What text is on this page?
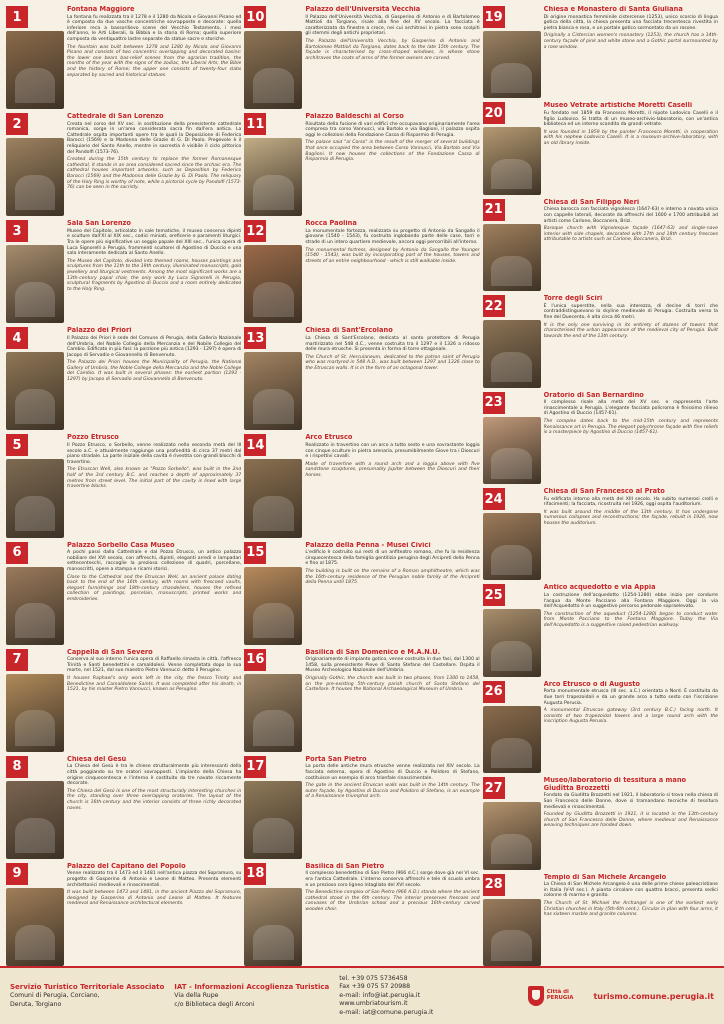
1
Fontana Maggiore

La fontana fu realizzata tra il 1278 e il 1280 da Nicola e Giovanni Pisano ed è composta da due vasche concentriche sovrapposte e decorate: quella inferiore reca a bassorilievo scene del Vecchio Testamento, i mesi dell'anno, le Arti Liberali, la Bibbia e la storia di Roma; quella superiore composta da ventiquattro lastre separate da statue sacre e storiche.

The fountain was built between 1278 and 1280 by Nicola and Giovanni Pisano and consists of two concentric overlapping and decorated basins: the lower one bears bas-relief scenes from the agrarian tradition, the months of the year with the signs of the zodiac, the Liberal Arts, the Bible and the history of Rome; the upper one consists of twenty-four slabs separated by sacred and historical statues.

2
Cattedrale di San Lorenzo

Creata nel corso del XV sec. in sostituzione della preesistente cattedrale romanica, sorge in un'area considerata sacra fin dall'era antica. La Cattedrale ospita importanti opere tra le quali la Deposizione di Federico Barocci (1569) e la Madonna delle Grazie di G. Di Paolo. Pregevole è il reliquiario del Santo Anello, mentre in sacrestia è visibile il ciclo pittorico del Pandolfi (1573-76).

Created during the 15th century to replace the former Romanesque cathedral, it stands in an area considered sacred since the archaic era. The cathedral houses important artworks, such as Deposition by Federico Barocci (1569) and the Madonna delle Grazie by G. Di Paolo. The reliquary of the Holy Ring is worthy of note, while a pictorial cycle by Pandolfi (1573-76) can be seen in the sacristy.

3
Sala San Lorenzo

Museo del Capitolo, articolato in sale tematiche, il museo conserva dipinti e sculture dall'XI al XIX sec., codici miniati, oreficerie e paramenti liturgici. Tra le opere più significative un seggio papale del XIII sec., l'unica opera di Luca Signorelli a Perugia, frammenti scultorei di Agostino di Duccio e una sala interamente dedicata al Santo Anello.

The Museo del Capitolo, divided into themed rooms, houses paintings and sculptures from the 11th to the 19th century, illuminated manuscripts, gold jewellery and liturgical vestments. Among the most significant works are a 13th-century papal chair, the only work by Luca Signorelli in Perugia, sculptural fragments by Agostino di Duccio and a room entirely dedicated to the Holy Ring.

4
Palazzo dei Priori

Il Palazzo dei Priori è sede del Comune di Perugia, della Galleria Nazionale dell'Umbria, del Nobile Collegio della Mercanzia e del Nobile Collegio del Cambio. Edificato in più fasi: la porzione più antica (1293 - 1297) è opera di Jacopo di Servadio e Giovannello di Benvenuto.

The Palazzo dei Priori houses the Municipality of Perugia, the National Gallery of Umbria, the Noble College della Mercanzia and the Noble College del Cambio. It was built in several phases: the earliest portion (1293 - 1297) by Jacopo di Servadio and Giovannello di Benvenuto.

5
Pozzo Etrusco

Il Pozzo Etrusco, o Sorbello, venne realizzato nella seconda metà del III secolo a.C. e attualmente raggiunge una profondità di circa 37 metri dal piano stradale. La parte iniziale della cavità è rivestita con grandi blocchi di travertino.

The Etruscan Well, also known as "Pozzo Sorbello", was built in the 2nd half of the 3rd century B.C. and reaches a depth of approximately 37 metres from street level. The initial part of the cavity is lined with large travertine blocks.

6
Palazzo Sorbello Casa Museo

A pochi passi dalla Cattedrale e dal Pozzo Etrusco, un antico palazzo nobiliare del XVI secolo, con affreschi, dipinti, eleganti arredi e lampadari settecenteschi, raccoglie la preziosa collezione di quadri, porcellane, manoscritti, opere a stampa e ricami storici.

Close to the Cathedral and the Etruscan Well, an ancient palace dating back to the end of the 16th century, with rooms with frescoed vaults, elegant furnishings and 18th-century chandeliers, houses the refined collection of paintings, porcelain, manuscripts, printed works and embroideries.

7
Cappella di San Severo

Conserva al suo interno l'unica opera di Raffaello rimasta in città, l'affresco Trinità e Santi benedettini e camaldolesi. Venne completata dopo la sua morte, nel 1521, dal suo maestro Pietro Vannucci detto il Perugino.

It houses Raphael's only work left in the city, the fresco Trinity and Benedictine and Camaldolese Saints. It was completed after his death, in 1521, by his master Pietro Vannucci, known as Perugino.

8
Chiesa del Gesù

La Chiesa del Gesù è tra le chiese strutturalmente più interessanti della città poggiando su tre oratori sovrapposti. L'impianto della Chiesa ha origine cinquecentesca e l'interno è costituito da tre navate riccamente decorate.

The Chiesa del Gesù is one of the most structurally interesting churches in the city, standing over three overlapping oratories. The layout of the church is 16th-century and the interior consists of three richly decorated naves.

9
Palazzo del Capitano del Popolo

Venne realizzato tra il 1473 ed il 1481 nell'antica piazza del Sopramuro, su progetto di Gasperino di Antonio e Leone di Matteo. Presenta elementi architettonici medievali e rinascimentali.

It was built between 1473 and 1481, in the ancient Piazza del Sopramuro, designed by Gasperino di Antonio and Leone di Matteo. It features medieval and Renaissance architectural elements.

10
Palazzo dell'Università Vecchia

Il Palazzo dell'Università Vecchia, di Gasperino di Antonio e di Bartolomeo Mattioli da Torgiano, risale alla fine del XV secolo. La facciata è caratterizzata da finestre a croce, nei cui architravi in pietra sono scolpiti gli stemmi degli antichi proprietari.

The Palazzo dell'Università Vecchia, by Gasperino di Antonio and Bartolomeo Mattioli da Torgiano, dates back to the late 15th century. The façade is characterised by cross-shaped windows, in whose stone architraves the coats of arms of the former owners are carved.

11
Palazzo Baldeschi al Corso

Risultato della fusione di vari edifici che occupavano originariamente l'area compresa tra corso Vannucci, via Bartolo e via Baglioni, il palazzo ospita oggi le collezioni della Fondazione Cassa di Risparmio di Perugia.

The palace said "al Corso" is the result of the merger of several buildings that once occupied the area between Corso Vannucci, Via Bartolo and Via Baglioni. It now houses the collections of the Fondazione Cassa di Risparmio di Perugia.

12
Rocca Paolina

La monumentale fortezza, realizzata su progetto di Antonio da Sangallo il giovane (1540 - 1543), fu costruita inglobando parte delle case, torri e strade di un intero quartiere medievale, ancora oggi percorribili all'interno.

The monumental fortress, designed by Antonio da Sangallo the Younger (1540 - 1543), was built by incorporating part of the houses, towers and streets of an entire neighbourhood - which is still walkable inside.

13
Chiesa di Sant'Ercolano

La Chiesa di Sant'Ercolano, dedicata al santo protettore di Perugia martirizzato nel 548 d.C., venne costruita tra il 1297 e il 1326 a ridosso delle mura etrusche. Si presenta in forma di torre ottagonale.

The Church of St. Herculaneum, dedicated to the patron saint of Perugia who was martyred in 548 A.D., was built between 1297 and 1326 close to the Etruscan walls. It is in the form of an octagonal tower.

14
Arco Etrusco

Realizzato in travertino con un arco a tutto sesto e una sovrastante loggia con cinque sculture in pietra arenaria, presumibilmente Giove tra i Dioscuri e i rispettivi cavalli.

Made of travertine with a round arch and a loggia above with five sandstone sculptures, presumably Jupiter between the Dioscuri and their horses.

15
Palazzo della Penna - Musei Civici

L'edificio è costruito sui resti di un anfiteatro romano, che fu la residenza cinquecentesca della famiglia gentilizia perugina degli Arcipreti della Penna e fino al 1875.

The building is built on the remains of a Roman amphitheatre, which was the 16th-century residence of the Perugian noble family of the Arcipreti della Penna until 1875.

16
Basilica di San Domenico e M.A.N.U.

Originariamente di impianto gotico, venne costruita in due fasi, dal 1300 al 1458, sulla preesistente Pieve di Santo Stefano del Castellare. Ospita il Museo Archeologico Nazionale dell'Umbria.

Originally Gothic, the church was built in two phases, from 1300 to 1458, on the pre-existing 5th-century parish church of Santo Stefano del Castellare. It houses the National Archaeological Museum of Umbria.

17
Porta San Pietro

La porta delle antiche mura etrusche venne realizzata nel XIV secolo. La facciata esterna, opera di Agostino di Duccio e Polidoro di Stefano, costituisce un esempio di arco trionfale rinascimentale.

The gate in the ancient Etruscan walls was built in the 14th century. The outer façade, by Agostino di Duccio and Polidoro di Stefano, is an example of a Renaissance triumphal arch.

18
Basilica di San Pietro

Il complesso benedettino di San Pietro (966 d.C.) sorge dove già nel VI sec. era l'antica Cattedrale. L'interno conserva affreschi e tele di scuola umbra e un prezioso coro ligneo intagliato del XVI secolo.

The Benedictine complex of San Pietro (966 A.D.) stands where the ancient cathedral stood in the 6th century. The interior preserves frescoes and canvases of the Umbrian school and a precious 16th-century carved wooden choir.

19
Chiesa e Monastero di Santa Giuliana

Di origine monastica femminile cistercense (1253), unico scorcio di lingua gotica della città, la chiesa presenta una facciata trecentesca rivestita in pietra bianca e rosa, e un portale gotico sormontato da un rosone.

Originally a Cistercian women's monastery (1253), the church has a 14th-century façade of pink and white stone and a Gothic portal surmounted by a rose window.

20
Museo Vetrate artistiche Moretti Caselli

Fu fondato nel 1859 da Francesco Moretti, il nipote Lodovico Caselli e il figlio Ludovico. Si tratta di un museo-archivio-laboratorio, con un'antica biblioteca ed un interno scandito da grandi vetrate.

It was founded in 1859 by the painter Francesco Moretti, in cooperation with his nephew Lodovico Caselli. It is a museum-archive-laboratory, with an old library inside.

21
Chiesa di San Filippo Neri

Chiesa barocca con facciata vignolesca (1647-63) e interno a navata unica con cappelle laterali, decorate da affreschi del 1600 e 1700 attribuibili ad artisti come Carlone, Boccanera, Brizi.

Baroque church with Vignolesque façade (1647-63) and single-nave interior with side chapels, decorated with 17th and 18th century frescoes attributable to artists such as Carlone, Boccanera, Brizi.

22
Torre degli Sciri

È l'unica superstite, nella sua interezza, di decine di torri che contraddistinguevano lo skyline medievale di Perugia. Costruita verso la fine del Duecento, è alta circa 46 metri.

It is the only one surviving in its entirety of dozens of towers that characterised the urban appearance of the medieval city of Perugia. Built towards the end of the 13th century.

23
Oratorio di San Bernardino

Il complesso risale alla metà del XV sec. e rappresenta l'arte rinascimentale a Perugia. L'elegante facciata policroma è finissimo rilievo di Agostino di Duccio (1457-61).

The complex dates back to the mid-15th century and represents Renaissance art in Perugia. The elegant polychrome façade with fine reliefs is a masterpiece by Agostino di Duccio (1457-61).

24
Chiesa di San Francesco al Prato

Fu edificata intorno alla metà del XIII secolo. Ha subito numerosi crolli e rifacimenti; la facciata, ricostruita nel 1926, oggi ospita l'auditorium.

It was built around the middle of the 13th century. It has undergone numerous collapses and reconstructions; the façade, rebuilt in 1926, now houses the auditorium.

25
Antico acquedotto e via Appia

La costruzione dell'acquedotto (1254-1280) ebbe inizio per condurre l'acqua da Monte Pacciano alla Fontana Maggiore. Oggi la via dell'Acquedotto è un suggestivo percorso pedonale sopraelevato.

The construction of the aqueduct (1254-1280) began to conduct water from Monte Pacciano to the Fontana Maggiore. Today the Via dell'Acquedotto is a suggestive raised pedestrian walkway.

26
Arco Etrusco o di Augusto

Porta monumentale etrusca (III sec. a.C.) orientata a Nord. È costituita da due torri trapezoidali e da un grande arco a tutto sesto con l'iscrizione Augusta Perusia.

A monumental Etruscan gateway (3rd century B.C.) facing north. It consists of two trapezoidal towers and a large round arch with the inscription Augusta Perusia.

27
Museo/laboratorio di tessitura a mano Giuditta Brozzetti

Fondato da Giuditta Brozzetti nel 1921, il laboratorio si trova nella chiesa di San Francesco delle Donne, dove si tramandano tecniche di tessitura medievali e rinascimentali.

Founded by Giuditta Brozzetti in 1921, it is located in the 13th-century church of San Francesco delle Donne, where medieval and Renaissance weaving techniques are handed down.

28
Tempio di San Michele Arcangelo

La Chiesa di San Michele Arcangelo è una delle prime chiese paleocristiane in Italia (V-VI sec.). A pianta circolare con quattro bracci, presenta sedici colonne di marmo e granito.

The Church of St. Michael the Archangel is one of the earliest early Christian churches in Italy (5th-6th cent.). Circular in plan with four arms, it has sixteen marble and granite columns.

Servizio Turistico Territoriale Associato
Comuni di Perugia, Corciano,
Deruta, Torgiano
IAT - Informazioni Accoglienza Turistica
Via della Rupe
c/o Biblioteca degli Arconi
tel. +39 075 5736458
Fax +39 075 57 20988
e-mail: info@iat.perugia.it
www.umbriatourism.it
e-mail: iat@comune.perugia.it
Città di
PERUGIA	turismo.comune.perugia.it
